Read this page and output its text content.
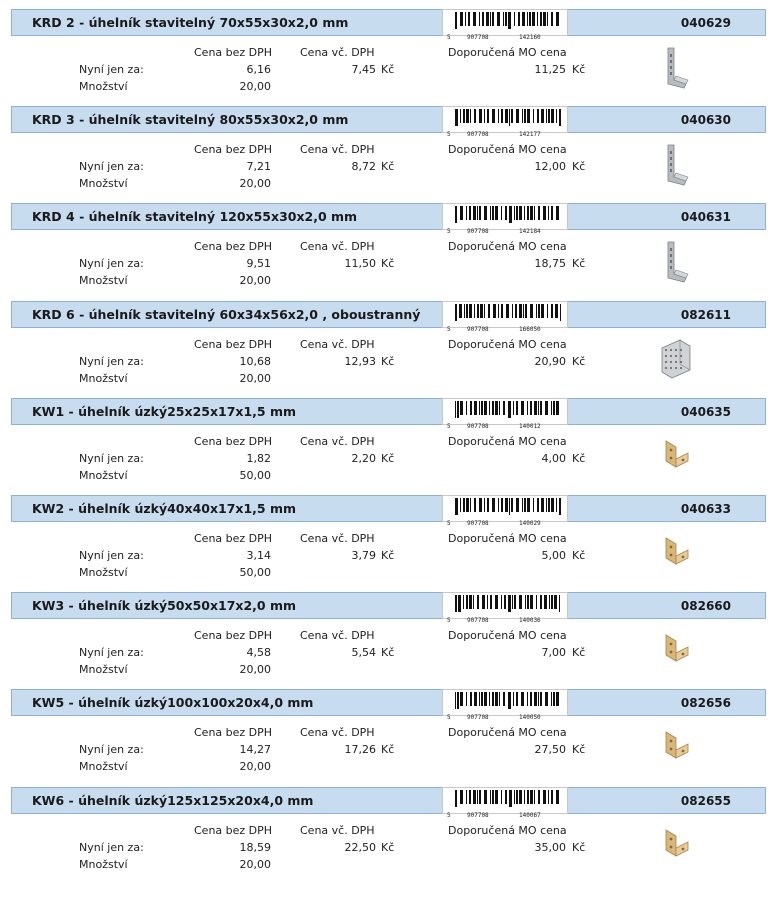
KRD 2 - úhelník stavitelný 70x55x30x2,0 mm
5	907708	142160
040629
Cena bez DPH	Cena vč. DPH	Doporučená MO cena
Nyní jen za:	6,16	7,45 Kč	11,25 Kč
Množství	20,00
KRD 3 - úhelník stavitelný 80x55x30x2,0 mm
5	907708	142177
040630
Cena bez DPH	Cena vč. DPH	Doporučená MO cena
Nyní jen za:	7,21	8,72 Kč	12,00 Kč
Množství	20,00
KRD 4 - úhelník stavitelný 120x55x30x2,0 mm
5	907708	142184
040631
Cena bez DPH	Cena vč. DPH	Doporučená MO cena
Nyní jen za:	9,51	11,50 Kč	18,75 Kč
Množství	20,00
KRD 6 - úhelník stavitelný 60x34x56x2,0 , oboustranný
5	907708	166050
082611
Cena bez DPH	Cena vč. DPH	Doporučená MO cena
Nyní jen za:	10,68	12,93 Kč	20,90 Kč
Množství	20,00
KW1 - úhelník úzký25x25x17x1,5 mm
5	907708	140012
040635
Cena bez DPH	Cena vč. DPH	Doporučená MO cena
Nyní jen za:	1,82	2,20 Kč	4,00 Kč
Množství	50,00
KW2 - úhelník úzký40x40x17x1,5 mm
5	907708	140029
040633
Cena bez DPH	Cena vč. DPH	Doporučená MO cena
Nyní jen za:	3,14	3,79 Kč	5,00 Kč
Množství	50,00
KW3 - úhelník úzký50x50x17x2,0 mm
5	907708	140036
082660
Cena bez DPH	Cena vč. DPH	Doporučená MO cena
Nyní jen za:	4,58	5,54 Kč	7,00 Kč
Množství	20,00
KW5 - úhelník úzký100x100x20x4,0 mm
5	907708	140050
082656
Cena bez DPH	Cena vč. DPH	Doporučená MO cena
Nyní jen za:	14,27	17,26 Kč	27,50 Kč
Množství	20,00
KW6 - úhelník úzký125x125x20x4,0 mm
5	907708	140067
082655
Cena bez DPH	Cena vč. DPH	Doporučená MO cena
Nyní jen za:	18,59	22,50 Kč	35,00 Kč
Množství	20,00
